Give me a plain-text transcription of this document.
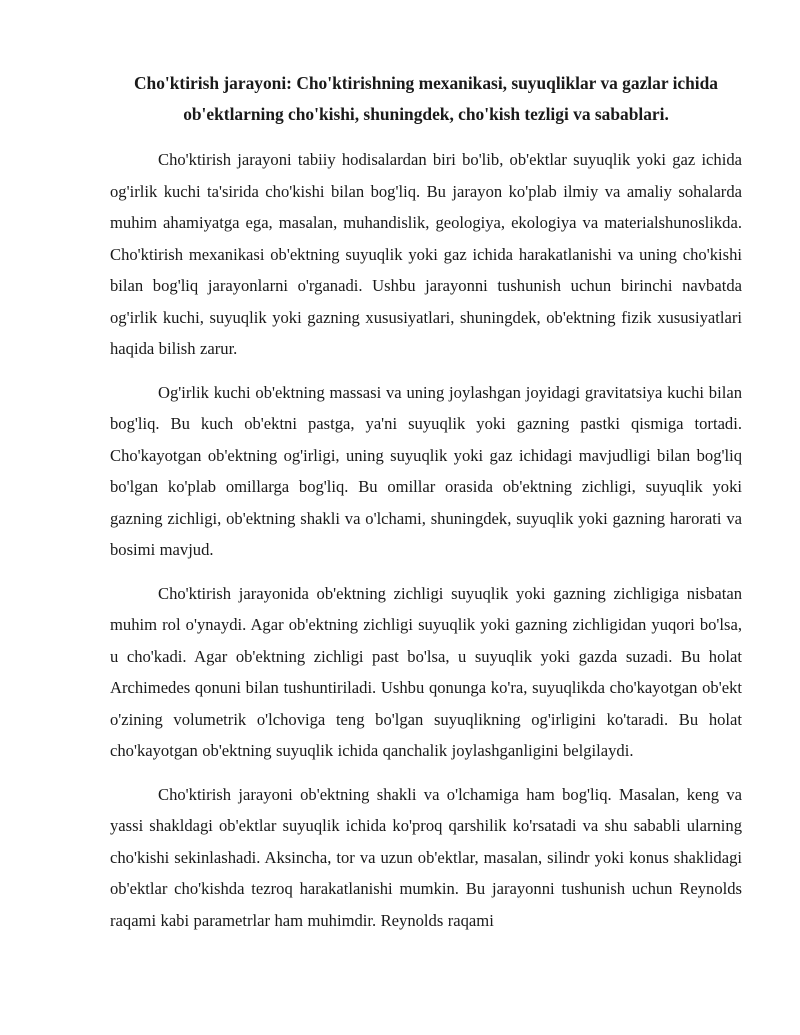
Cho'ktirish jarayoni: Cho'ktirishning mexanikasi, suyuqliklar va gazlar ichida ob'ektlarning cho'kishi, shuningdek, cho'kish tezligi va sabablari.

Cho'ktirish jarayoni tabiiy hodisalardan biri bo'lib, ob'ektlar suyuqlik yoki gaz ichida og'irlik kuchi ta'sirida cho'kishi bilan bog'liq. Bu jarayon ko'plab ilmiy va amaliy sohalarda muhim ahamiyatga ega, masalan, muhandislik, geologiya, ekologiya va materialshunoslikda. Cho'ktirish mexanikasi ob'ektning suyuqlik yoki gaz ichida harakatlanishi va uning cho'kishi bilan bog'liq jarayonlarni o'rganadi. Ushbu jarayonni tushunish uchun birinchi navbatda og'irlik kuchi, suyuqlik yoki gazning xususiyatlari, shuningdek, ob'ektning fizik xususiyatlari haqida bilish zarur.

Og'irlik kuchi ob'ektning massasi va uning joylashgan joyidagi gravitatsiya kuchi bilan bog'liq. Bu kuch ob'ektni pastga, ya'ni suyuqlik yoki gazning pastki qismiga tortadi. Cho'kayotgan ob'ektning og'irligi, uning suyuqlik yoki gaz ichidagi mavjudligi bilan bog'liq bo'lgan ko'plab omillarga bog'liq. Bu omillar orasida ob'ektning zichligi, suyuqlik yoki gazning zichligi, ob'ektning shakli va o'lchami, shuningdek, suyuqlik yoki gazning harorati va bosimi mavjud.

Cho'ktirish jarayonida ob'ektning zichligi suyuqlik yoki gazning zichligiga nisbatan muhim rol o'ynaydi. Agar ob'ektning zichligi suyuqlik yoki gazning zichligidan yuqori bo'lsa, u cho'kadi. Agar ob'ektning zichligi past bo'lsa, u suyuqlik yoki gazda suzadi. Bu holat Archimedes qonuni bilan tushuntiriladi. Ushbu qonunga ko'ra, suyuqlikda cho'kayotgan ob'ekt o'zining volumetrik o'lchoviga teng bo'lgan suyuqlikning og'irligini ko'taradi. Bu holat cho'kayotgan ob'ektning suyuqlik ichida qanchalik joylashganligini belgilaydi.

Cho'ktirish jarayoni ob'ektning shakli va o'lchamiga ham bog'liq. Masalan, keng va yassi shakldagi ob'ektlar suyuqlik ichida ko'proq qarshilik ko'rsatadi va shu sababli ularning cho'kishi sekinlashadi. Aksincha, tor va uzun ob'ektlar, masalan, silindr yoki konus shaklidagi ob'ektlar cho'kishda tezroq harakatlanishi mumkin. Bu jarayonni tushunish uchun Reynolds raqami kabi parametrlar ham muhimdir. Reynolds raqami
